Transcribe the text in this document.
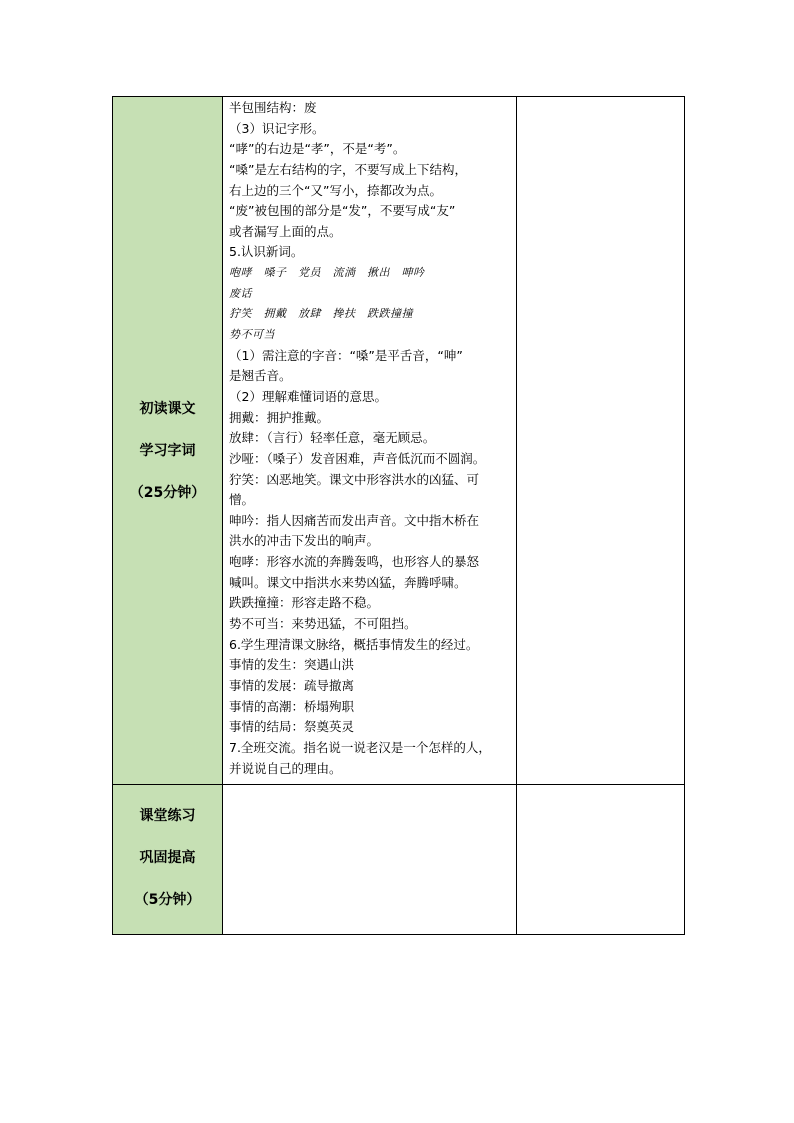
初读课文
学习字词
（25分钟）
半包围结构：废
（3）识记字形。
“哮”的右边是“孝”，不是“考”。
“嗓”是左右结构的字，不要写成上下结构，
右上边的三个“又”写小，捺都改为点。
“废”被包围的部分是“发”，不要写成“友”
或者漏写上面的点。
5.认识新词。
咆哮　嗓子　党员　流淌　揪出　呻吟
废话
狞笑　拥戴　放肆　搀扶　跌跌撞撞
势不可当
（1）需注意的字音：“嗓”是平舌音，“呻”
是翘舌音。
（2）理解难懂词语的意思。
拥戴：拥护推戴。
放肆：（言行）轻率任意，毫无顾忌。
沙哑：（嗓子）发音困难，声音低沉而不圆润。
狞笑：凶恶地笑。课文中形容洪水的凶猛、可
憎。
呻吟：指人因痛苦而发出声音。文中指木桥在
洪水的冲击下发出的响声。
咆哮：形容水流的奔腾轰鸣，也形容人的暴怒
喊叫。课文中指洪水来势凶猛，奔腾呼啸。
跌跌撞撞：形容走路不稳。
势不可当：来势迅猛，不可阻挡。
6.学生理清课文脉络，概括事情发生的经过。
事情的发生：突遇山洪
事情的发展：疏导撤离
事情的高潮：桥塌殉职
事情的结局：祭奠英灵
7.全班交流。指名说一说老汉是一个怎样的人，
并说说自己的理由。
课堂练习
巩固提高
（5分钟）
